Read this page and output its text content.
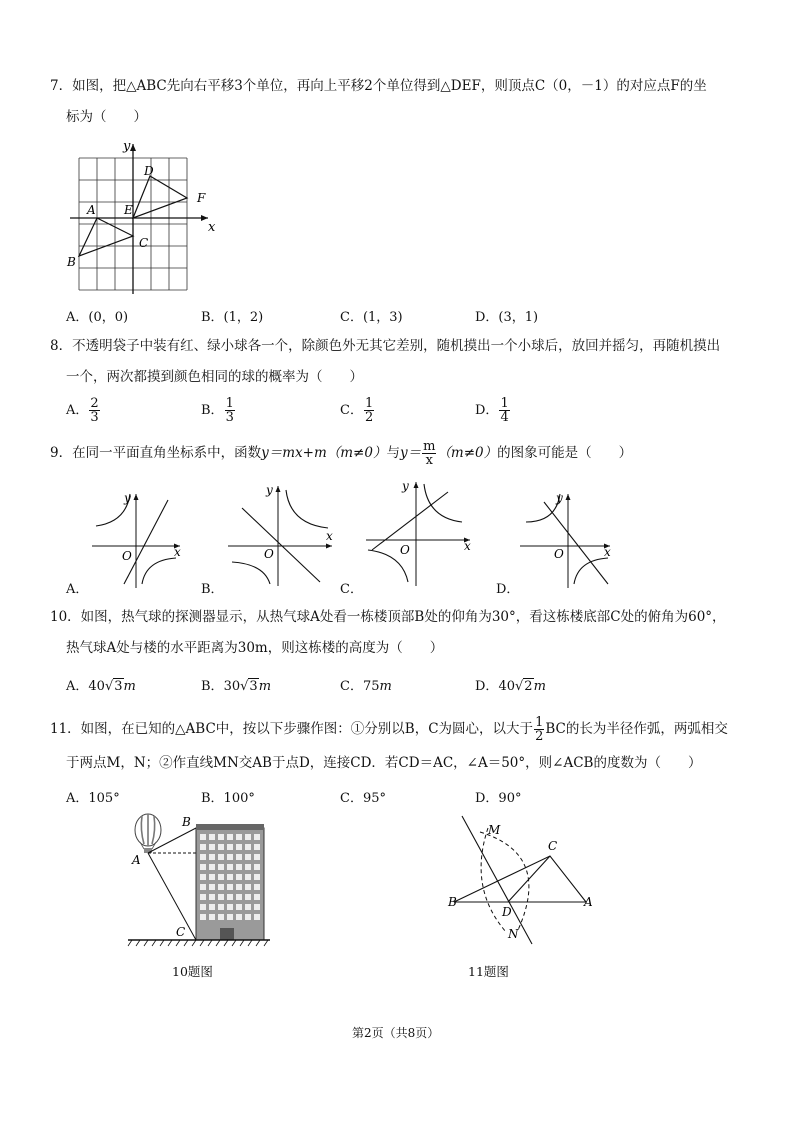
7．如图，把△ABC先向右平移3个单位，再向上平移2个单位得到△DEF，则顶点C（0，－1）的对应点F的坐
标为（　　）
y
x
D
F
A E
C
B
A．(0，0)	B．(1，2)	C．(1，3)	D．(3，1)
8．不透明袋子中装有红、绿小球各一个，除颜色外无其它差别，随机摸出一个小球后，放回并摇匀，再随机摸出
一个，两次都摸到颜色相同的球的概率为（　　）
A． $\frac{2}{3}$	B． $\frac{1}{3}$	C． $\frac{1}{2}$	D． $\frac{1}{4}$
9．在同一平面直角坐标系中，函数y＝mx+m（m≠0）与$y= \frac{m}{x} (m\ne 0)$的图象可能是（　　）
y
x
O
A．
y
x
O
B．
y
x
O
C．
y
x
O
D．
10．如图，热气球的探测器显示，从热气球A处看一栋楼顶部B处的仰角为30°，看这栋楼底部C处的俯角为60°，
热气球A处与楼的水平距离为30m，则这栋楼的高度为（　　）
A．40√3m	B．30√3m	C．75m	D．40√2m
11．如图，在已知的△ABC中，按以下步骤作图：①分别以B，C为圆心，以大于 $\frac{1}{2}$ BC的长为半径作弧，两弧相交
于两点M，N；②作直线MN交AB于点D，连接CD．若CD＝AC，∠A＝50°，则∠ACB的度数为（　　）
A．105°	B．100°	C．95°	D．90°
B
A
C
10题图
M
N
C
A
B
D
11题图
第2页（共8页）
